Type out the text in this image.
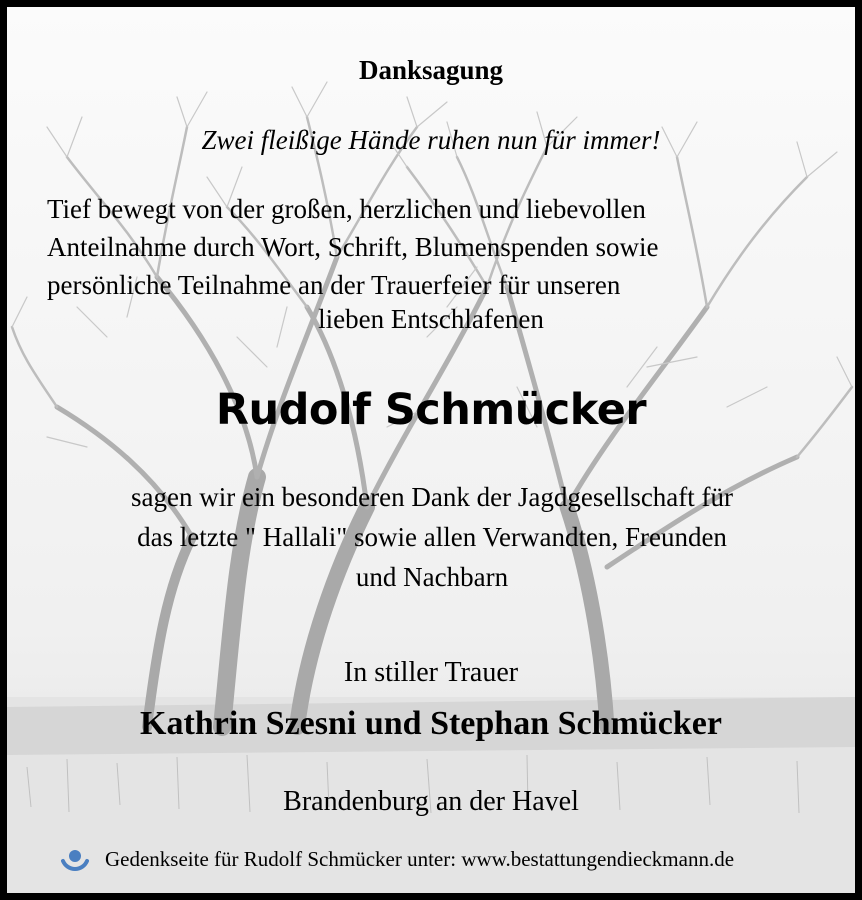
Danksagung
Zwei fleißige Hände ruhen nun für immer!
Tief bewegt von der großen, herzlichen und liebevollen
Anteilnahme durch Wort, Schrift, Blumenspenden sowie
persönliche Teilnahme an der Trauerfeier für unseren
lieben Entschlafenen
Rudolf Schmücker
sagen wir ein besonderen Dank der Jagdgesellschaft für
das letzte " Hallali" sowie allen Verwandten, Freunden
und Nachbarn
In stiller Trauer
Kathrin Szesni und Stephan Schmücker
Brandenburg an der Havel
Gedenkseite für Rudolf Schmücker unter: www.bestattungendieckmann.de
